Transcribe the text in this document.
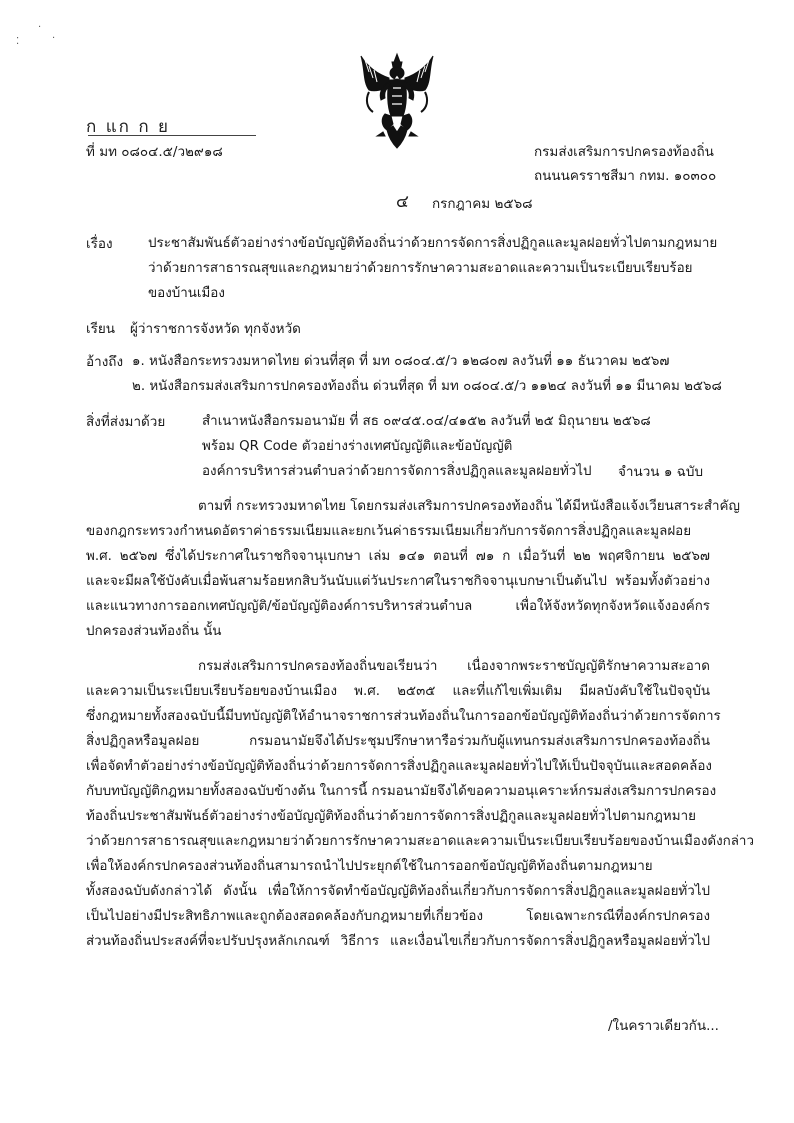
·
⁚	·
ก แก ก ย
ที่ มท ๐๘๐๔.๕/ว๒๙๑๘	กรมส่งเสริมการปกครองท้องถิ่น
ถนนนครราชสีมา กทม. ๑๐๓๐๐
๔ กรกฎาคม ๒๕๖๘
เรื่อง	ประชาสัมพันธ์ตัวอย่างร่างข้อบัญญัติท้องถิ่นว่าด้วยการจัดการสิ่งปฏิกูลและมูลฝอยทั่วไปตามกฎหมาย
ว่าด้วยการสาธารณสุขและกฎหมายว่าด้วยการรักษาความสะอาดและความเป็นระเบียบเรียบร้อย
ของบ้านเมือง
เรียน ผู้ว่าราชการจังหวัด ทุกจังหวัด
อ้างถึง ๑. หนังสือกระทรวงมหาดไทย ด่วนที่สุด ที่ มท ๐๘๐๔.๕/ว ๑๒๘๐๗ ลงวันที่ ๑๑ ธันวาคม ๒๕๖๗
๒. หนังสือกรมส่งเสริมการปกครองท้องถิ่น ด่วนที่สุด ที่ มท ๐๘๐๔.๕/ว ๑๑๒๔ ลงวันที่ ๑๑ มีนาคม ๒๕๖๘
สิ่งที่ส่งมาด้วย	สำเนาหนังสือกรมอนามัย ที่ สธ ๐๙๔๕.๐๔/๔๑๕๒ ลงวันที่ ๒๕ มิถุนายน ๒๕๖๘
พร้อม QR Code ตัวอย่างร่างเทศบัญญัติและข้อบัญญัติ
องค์การบริหารส่วนตำบลว่าด้วยการจัดการสิ่งปฏิกูลและมูลฝอยทั่วไป จำนวน ๑ ฉบับ
ตามที่ กระทรวงมหาดไทย โดยกรมส่งเสริมการปกครองท้องถิ่น ได้มีหนังสือแจ้งเวียนสาระสำคัญ
ของกฎกระทรวงกำหนดอัตราค่าธรรมเนียมและยกเว้นค่าธรรมเนียมเกี่ยวกับการจัดการสิ่งปฏิกูลและมูลฝอย
พ.ศ. ๒๕๖๗ ซึ่งได้ประกาศในราชกิจจานุเบกษา เล่ม ๑๔๑ ตอนที่ ๗๑ ก เมื่อวันที่ ๒๒ พฤศจิกายน ๒๕๖๗
และจะมีผลใช้บังคับเมื่อพ้นสามร้อยหกสิบวันนับแต่วันประกาศในราชกิจจานุเบกษาเป็นต้นไป พร้อมทั้งตัวอย่าง
และแนวทางการออกเทศบัญญัติ/ข้อบัญญัติองค์การบริหารส่วนตำบล เพื่อให้จังหวัดทุกจังหวัดแจ้งองค์กร
ปกครองส่วนท้องถิ่น นั้น
กรมส่งเสริมการปกครองท้องถิ่นขอเรียนว่า เนื่องจากพระราชบัญญัติรักษาความสะอาด
และความเป็นระเบียบเรียบร้อยของบ้านเมือง พ.ศ. ๒๕๓๕ และที่แก้ไขเพิ่มเติม มีผลบังคับใช้ในปัจจุบัน
ซึ่งกฎหมายทั้งสองฉบับนี้มีบทบัญญัติให้อำนาจราชการส่วนท้องถิ่นในการออกข้อบัญญัติท้องถิ่นว่าด้วยการจัดการ
สิ่งปฏิกูลหรือมูลฝอย กรมอนามัยจึงได้ประชุมปรึกษาหารือร่วมกับผู้แทนกรมส่งเสริมการปกครองท้องถิ่น
เพื่อจัดทำตัวอย่างร่างข้อบัญญัติท้องถิ่นว่าด้วยการจัดการสิ่งปฏิกูลและมูลฝอยทั่วไปให้เป็นปัจจุบันและสอดคล้อง
กับบทบัญญัติกฎหมายทั้งสองฉบับข้างต้น ในการนี้ กรมอนามัยจึงได้ขอความอนุเคราะห์กรมส่งเสริมการปกครอง
ท้องถิ่นประชาสัมพันธ์ตัวอย่างร่างข้อบัญญัติท้องถิ่นว่าด้วยการจัดการสิ่งปฏิกูลและมูลฝอยทั่วไปตามกฎหมาย
ว่าด้วยการสาธารณสุขและกฎหมายว่าด้วยการรักษาความสะอาดและความเป็นระเบียบเรียบร้อยของบ้านเมืองดังกล่าว
เพื่อให้องค์กรปกครองส่วนท้องถิ่นสามารถนำไปประยุกต์ใช้ในการออกข้อบัญญัติท้องถิ่นตามกฎหมาย
ทั้งสองฉบับดังกล่าวได้ ดังนั้น เพื่อให้การจัดทำข้อบัญญัติท้องถิ่นเกี่ยวกับการจัดการสิ่งปฏิกูลและมูลฝอยทั่วไป
เป็นไปอย่างมีประสิทธิภาพและถูกต้องสอดคล้องกับกฎหมายที่เกี่ยวข้อง โดยเฉพาะกรณีที่องค์กรปกครอง
ส่วนท้องถิ่นประสงค์ที่จะปรับปรุงหลักเกณฑ์ วิธีการ และเงื่อนไขเกี่ยวกับการจัดการสิ่งปฏิกูลหรือมูลฝอยทั่วไป
/ในคราวเดียวกัน...
